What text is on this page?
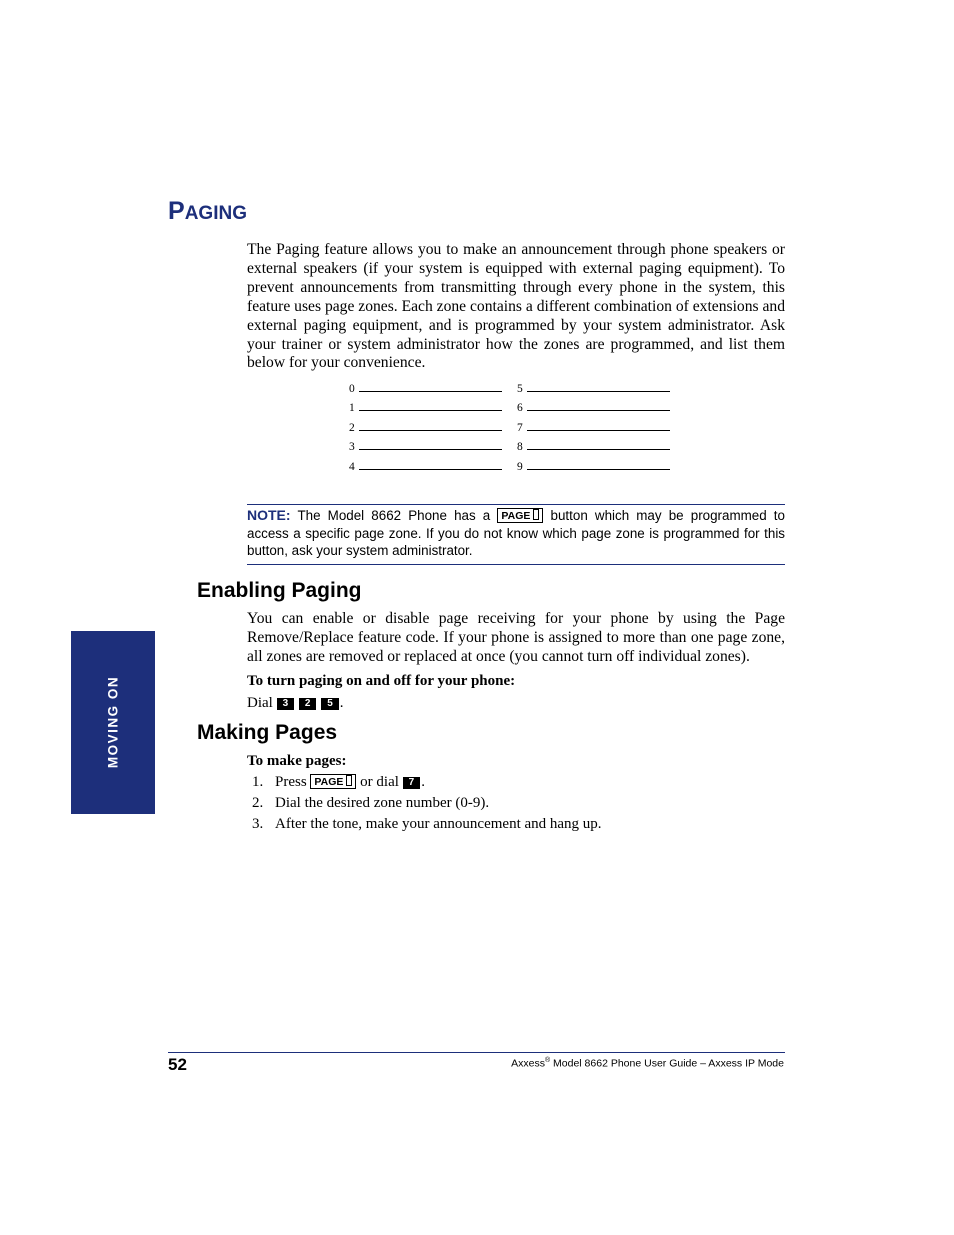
PAGING

The Paging feature allows you to make an announcement through phone speakers or external speakers (if your system is equipped with external paging equipment). To prevent announcements from transmitting through every phone in the system, this feature uses page zones. Each zone contains a different combination of extensions and external paging equipment, and is programmed by your system administrator. Ask your trainer or system administrator how the zones are programmed, and list them below for your convenience.

0
1
2
3
4
5
6
7
8
9

NOTE: The Model 8662 Phone has a PAGE button which may be programmed to access a specific page zone. If you do not know which page zone is programmed for this button, ask your system administrator.

Enabling Paging

You can enable or disable page receiving for your phone by using the Page Remove/Replace feature code. If your phone is assigned to more than one page zone, all zones are removed or replaced at once (you cannot turn off individual zones).

To turn paging on and off for your phone:

Dial 3 2 5 .
Making Pages

To make pages:

1. Press PAGE or dial 7 .
2. Dial the desired zone number (0-9).
3. After the tone, make your announcement and hang up.
MOVING ON
52	Axxess® Model 8662 Phone User Guide – Axxess IP Mode
